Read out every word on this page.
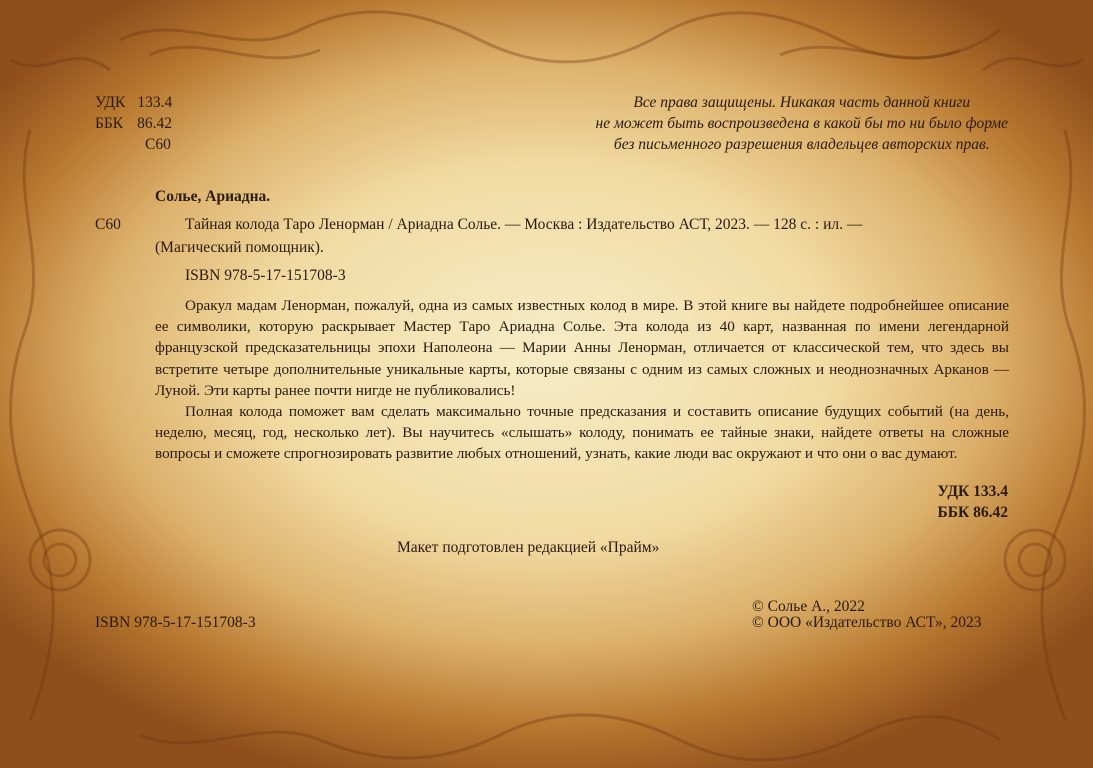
УДК 133.4
ББК 86.42
С60
Все права защищены. Никакая часть данной книги
не может быть воспроизведена в какой бы то ни было форме
без письменного разрешения владельцев авторских прав.
Солье, Ариадна.
С60	Тайная колода Таро Ленорман / Ариадна Солье. — Москва : Издательство АСТ, 2023. — 128 с. : ил. —
(Магический помощник).
ISBN 978-5-17-151708-3
Оракул мадам Ленорман, пожалуй, одна из самых известных колод в мире. В этой книге вы найдете подробнейшее описание ее символики, которую раскрывает Мастер Таро Ариадна Солье. Эта колода из 40 карт, названная по имени легендарной французской предсказательницы эпохи Наполеона — Марии Анны Ленорман, отличается от классической тем, что здесь вы встретите четыре дополнительные уникальные карты, которые связаны с одним из самых сложных и неоднозначных Арканов — Луной. Эти карты ранее почти нигде не публиковались!
Полная колода поможет вам сделать максимально точные предсказания и составить описание будущих событий (на день, неделю, месяц, год, несколько лет). Вы научитесь «слышать» колоду, понимать ее тайные знаки, найдете ответы на сложные вопросы и сможете спрогнозировать развитие любых отношений, узнать, какие люди вас окружают и что они о вас думают.
УДК 133.4
ББК 86.42
Макет подготовлен редакцией «Прайм»
ISBN 978-5-17-151708-3
© Солье А., 2022
© ООО «Издательство АСТ», 2023
